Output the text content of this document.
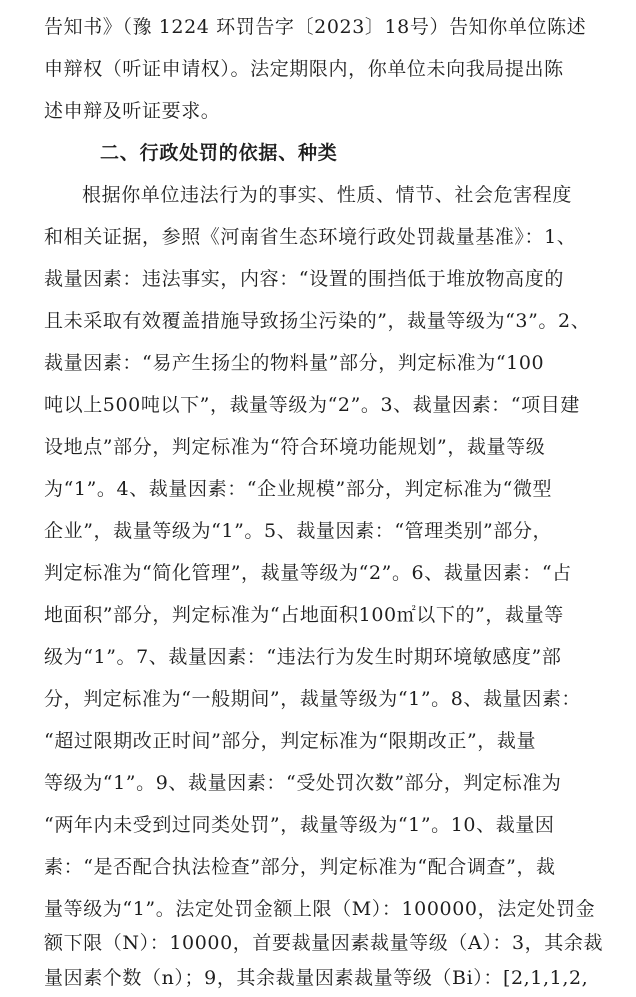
告知书》（豫 1224 环罚告字〔2023〕18号）告知你单位陈述
申辩权（听证申请权）。法定期限内，你单位未向我局提出陈
述申辩及听证要求。
二、行政处罚的依据、种类
根据你单位违法行为的事实、性质、情节、社会危害程度
和相关证据，参照《河南省生态环境行政处罚裁量基准》：1、
裁量因素：违法事实，内容：“设置的围挡低于堆放物高度的
且未采取有效覆盖措施导致扬尘污染的”，裁量等级为“3”。2、
裁量因素：“易产生扬尘的物料量”部分，判定标准为“100
吨以上500吨以下”，裁量等级为“2”。3、裁量因素：“项目建
设地点”部分，判定标准为“符合环境功能规划”，裁量等级
为“1”。4、裁量因素：“企业规模”部分，判定标准为“微型
企业”，裁量等级为“1”。5、裁量因素：“管理类别”部分，
判定标准为“简化管理”，裁量等级为“2”。6、裁量因素：“占
地面积”部分，判定标准为“占地面积100㎡以下的”，裁量等
级为“1”。7、裁量因素：“违法行为发生时期环境敏感度”部
分，判定标准为“一般期间”，裁量等级为“1”。8、裁量因素：
“超过限期改正时间”部分，判定标准为“限期改正”，裁量
等级为“1”。9、裁量因素：“受处罚次数”部分，判定标准为
“两年内未受到过同类处罚”，裁量等级为“1”。10、裁量因
素：“是否配合执法检查”部分，判定标准为“配合调查”，裁
量等级为“1”。法定处罚金额上限（M）：100000，法定处罚金
额下限（N）：10000，首要裁量因素裁量等级（A）：3，其余裁
量因素个数（n）；9，其余裁量因素裁量等级（Bi）：[2,1,1,2,
